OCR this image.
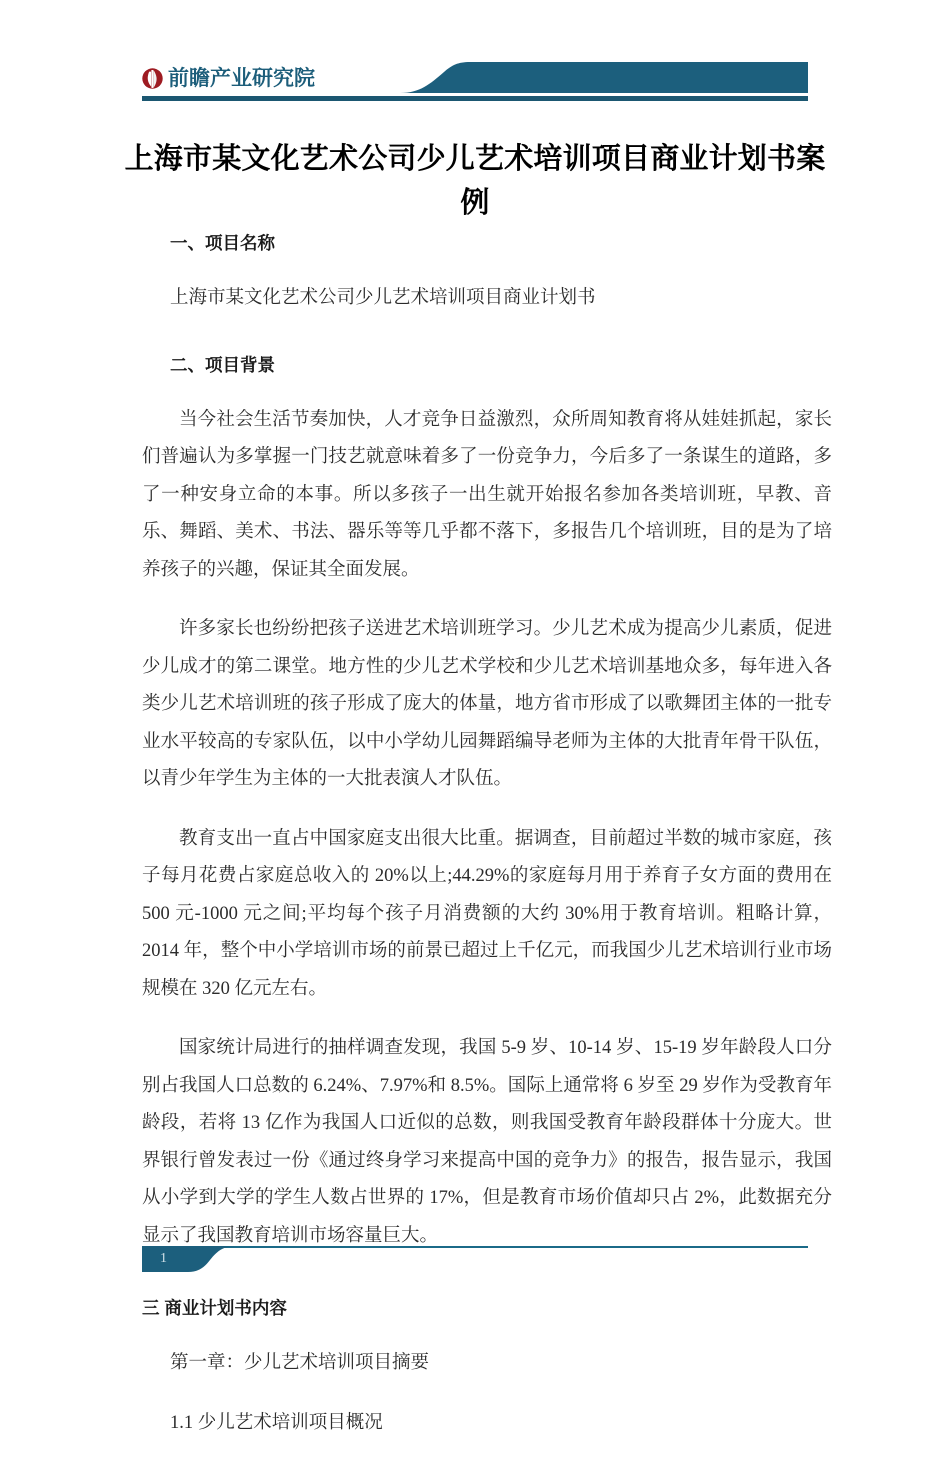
前瞻产业研究院
上海市某文化艺术公司少儿艺术培训项目商业计划书案例
一、项目名称

上海市某文化艺术公司少儿艺术培训项目商业计划书

二、项目背景

当今社会生活节奏加快，人才竞争日益激烈，众所周知教育将从娃娃抓起，家长们普遍认为多掌握一门技艺就意味着多了一份竞争力，今后多了一条谋生的道路，多了一种安身立命的本事。所以多孩子一出生就开始报名参加各类培训班，早教、音乐、舞蹈、美术、书法、器乐等等几乎都不落下，多报告几个培训班，目的是为了培养孩子的兴趣，保证其全面发展。

许多家长也纷纷把孩子送进艺术培训班学习。少儿艺术成为提高少儿素质，促进少儿成才的第二课堂。地方性的少儿艺术学校和少儿艺术培训基地众多，每年进入各类少儿艺术培训班的孩子形成了庞大的体量，地方省市形成了以歌舞团主体的一批专业水平较高的专家队伍，以中小学幼儿园舞蹈编导老师为主体的大批青年骨干队伍，以青少年学生为主体的一大批表演人才队伍。

教育支出一直占中国家庭支出很大比重。据调查，目前超过半数的城市家庭，孩子每月花费占家庭总收入的 20%以上;44.29%的家庭每月用于养育子女方面的费用在 500 元-1000 元之间;平均每个孩子月消费额的大约 30%用于教育培训。粗略计算，2014 年，整个中小学培训市场的前景已超过上千亿元，而我国少儿艺术培训行业市场规模在 320 亿元左右。

国家统计局进行的抽样调查发现，我国 5-9 岁、10-14 岁、15-19 岁年龄段人口分别占我国人口总数的 6.24%、7.97%和 8.5%。国际上通常将 6 岁至 29 岁作为受教育年龄段，若将 13 亿作为我国人口近似的总数，则我国受教育年龄段群体十分庞大。世界银行曾发表过一份《通过终身学习来提高中国的竞争力》的报告，报告显示，我国从小学到大学的学生人数占世界的 17%，但是教育市场价值却只占 2%，此数据充分显示了我国教育培训市场容量巨大。

三 商业计划书内容

第一章：少儿艺术培训项目摘要

1.1 少儿艺术培训项目概况

1
